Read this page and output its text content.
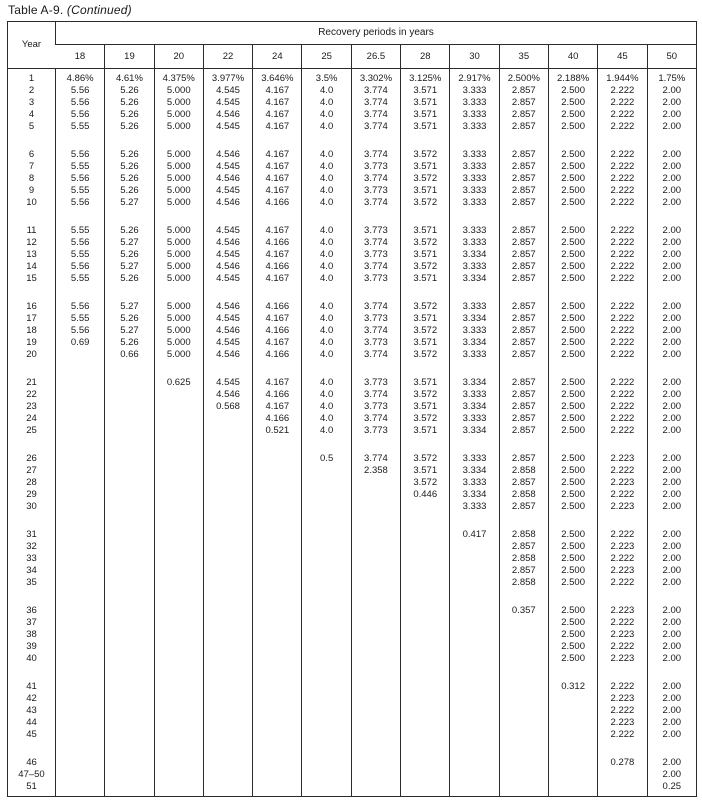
Table A-9. (Continued)
Year	Recovery periods in years												
	18	19	20	22	24	25	26.5	28	30	35	40	45	50

1	4.86%	4.61%	4.375%	3.977%	3.646%	3.5%	3.302%	3.125%	2.917%	2.500%	2.188%	1.944%	1.75%
2	5.56	5.26	5.000	4.545	4.167	4.0	3.774	3.571	3.333	2.857	2.500	2.222	2.00
3	5.56	5.26	5.000	4.545	4.167	4.0	3.774	3.571	3.333	2.857	2.500	2.222	2.00
4	5.56	5.26	5.000	4.546	4.167	4.0	3.774	3.571	3.333	2.857	2.500	2.222	2.00
5	5.55	5.26	5.000	4.545	4.167	4.0	3.774	3.571	3.333	2.857	2.500	2.222	2.00

6	5.56	5.26	5.000	4.546	4.167	4.0	3.774	3.572	3.333	2.857	2.500	2.222	2.00
7	5.55	5.26	5.000	4.545	4.167	4.0	3.773	3.571	3.333	2.857	2.500	2.222	2.00
8	5.56	5.26	5.000	4.546	4.167	4.0	3.774	3.572	3.333	2.857	2.500	2.222	2.00
9	5.55	5.26	5.000	4.545	4.167	4.0	3.773	3.571	3.333	2.857	2.500	2.222	2.00
10	5.56	5.27	5.000	4.546	4.166	4.0	3.774	3.572	3.333	2.857	2.500	2.222	2.00

11	5.55	5.26	5.000	4.545	4.167	4.0	3.773	3.571	3.333	2.857	2.500	2.222	2.00
12	5.56	5.27	5.000	4.546	4.166	4.0	3.774	3.572	3.333	2.857	2.500	2.222	2.00
13	5.55	5.26	5.000	4.545	4.167	4.0	3.773	3.571	3.334	2.857	2.500	2.222	2.00
14	5.56	5.27	5.000	4.546	4.166	4.0	3.774	3.572	3.333	2.857	2.500	2.222	2.00
15	5.55	5.26	5.000	4.545	4.167	4.0	3.773	3.571	3.334	2.857	2.500	2.222	2.00

16	5.56	5.27	5.000	4.546	4.166	4.0	3.774	3.572	3.333	2.857	2.500	2.222	2.00
17	5.55	5.26	5.000	4.545	4.167	4.0	3.773	3.571	3.334	2.857	2.500	2.222	2.00
18	5.56	5.27	5.000	4.546	4.166	4.0	3.774	3.572	3.333	2.857	2.500	2.222	2.00
19	0.69	5.26	5.000	4.545	4.167	4.0	3.773	3.571	3.334	2.857	2.500	2.222	2.00
20		0.66	5.000	4.546	4.166	4.0	3.774	3.572	3.333	2.857	2.500	2.222	2.00

21			0.625	4.545	4.167	4.0	3.773	3.571	3.334	2.857	2.500	2.222	2.00
22				4.546	4.166	4.0	3.774	3.572	3.333	2.857	2.500	2.222	2.00
23				0.568	4.167	4.0	3.773	3.571	3.334	2.857	2.500	2.222	2.00
24					4.166	4.0	3.774	3.572	3.333	2.857	2.500	2.222	2.00
25					0.521	4.0	3.773	3.571	3.334	2.857	2.500	2.222	2.00

26						0.5	3.774	3.572	3.333	2.857	2.500	2.223	2.00
27							2.358	3.571	3.334	2.858	2.500	2.222	2.00
28								3.572	3.333	2.857	2.500	2.223	2.00
29								0.446	3.334	2.858	2.500	2.222	2.00
30									3.333	2.857	2.500	2.223	2.00

31									0.417	2.858	2.500	2.222	2.00
32										2.857	2.500	2.223	2.00
33										2.858	2.500	2.222	2.00
34										2.857	2.500	2.223	2.00
35										2.858	2.500	2.222	2.00

36										0.357	2.500	2.223	2.00
37											2.500	2.222	2.00
38											2.500	2.223	2.00
39											2.500	2.222	2.00
40											2.500	2.223	2.00

41											0.312	2.222	2.00
42												2.223	2.00
43												2.222	2.00
44												2.223	2.00
45												2.222	2.00

46												0.278	2.00
47–50													2.00
51													0.25
